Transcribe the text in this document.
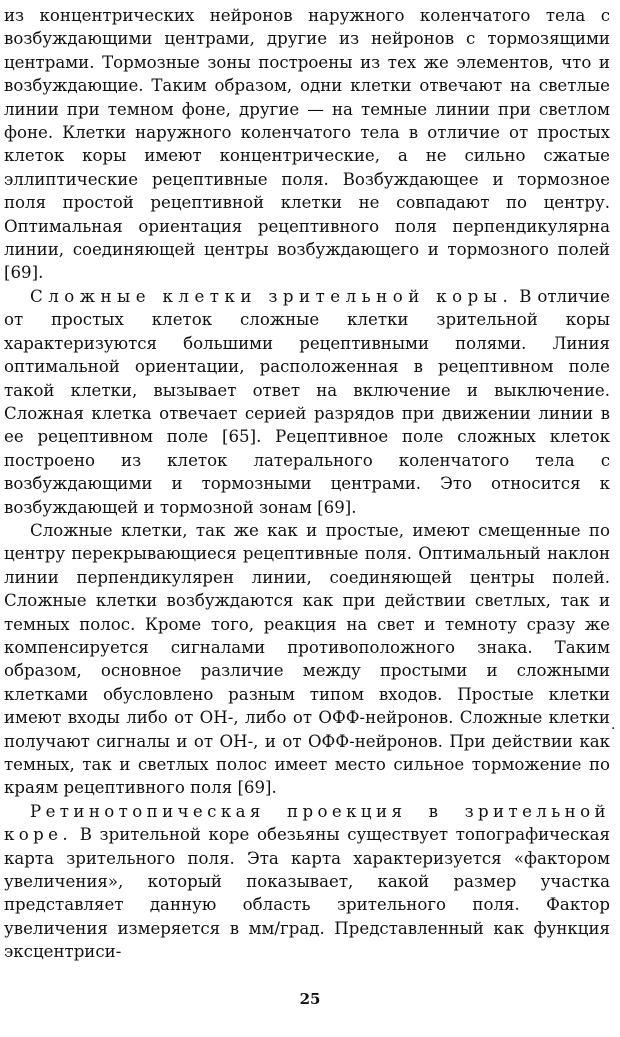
из концентрических нейронов наружного коленчатого тела с возбуждающими центрами, другие из нейронов с тормозящими центрами. Тормозные зоны построены из тех же элементов, что и возбуждающие. Таким образом, одни клетки отвечают на светлые линии при темном фоне, другие — на темные линии при светлом фоне. Клетки наружного коленчатого тела в отличие от простых клеток коры имеют концентрические, а не сильно сжатые эллиптические рецептивные поля. Возбуждающее и тормозное поля простой рецептивной клетки не совпадают по центру. Оптимальная ориентация рецептивного поля перпендикулярна линии, соединяющей центры возбуждающего и тормозного полей [69].

Сложные клетки зрительной коры. В отличие от простых клеток сложные клетки зрительной коры характеризуются большими рецептивными полями. Линия оптимальной ориентации, расположенная в рецептивном поле такой клетки, вызывает ответ на включение и выключение. Сложная клетка отвечает серией разрядов при движении линии в ее рецептивном поле [65]. Рецептивное поле сложных клеток построено из клеток латерального коленчатого тела с возбуждающими и тормозными центрами. Это относится к возбуждающей и тормозной зонам [69].

Сложные клетки, так же как и простые, имеют смещенные по центру перекрывающиеся рецептивные поля. Оптимальный наклон линии перпендикулярен линии, соединяющей центры полей. Сложные клетки возбуждаются как при действии светлых, так и темных полос. Кроме того, реакция на свет и темноту сразу же компенсируется сигналами противоположного знака. Таким образом, основное различие между простыми и сложными клетками обусловлено разным типом входов. Простые клетки имеют входы либо от ОН-, либо от ОФФ-нейронов. Сложные клетки получают сигналы и от ОН-, и от ОФФ-нейронов. При действии как темных, так и светлых полос имеет место сильное торможение по краям рецептивного поля [69].

Ретинотопическая проекция в зрительной коре. В зрительной коре обезьяны существует топографическая карта зрительного поля. Эта карта характеризуется «фактором увеличения», который показывает, какой размер участка представляет данную область зрительного поля. Фактор увеличения измеряется в мм/град. Представленный как функция эксцентриси-

·
25
